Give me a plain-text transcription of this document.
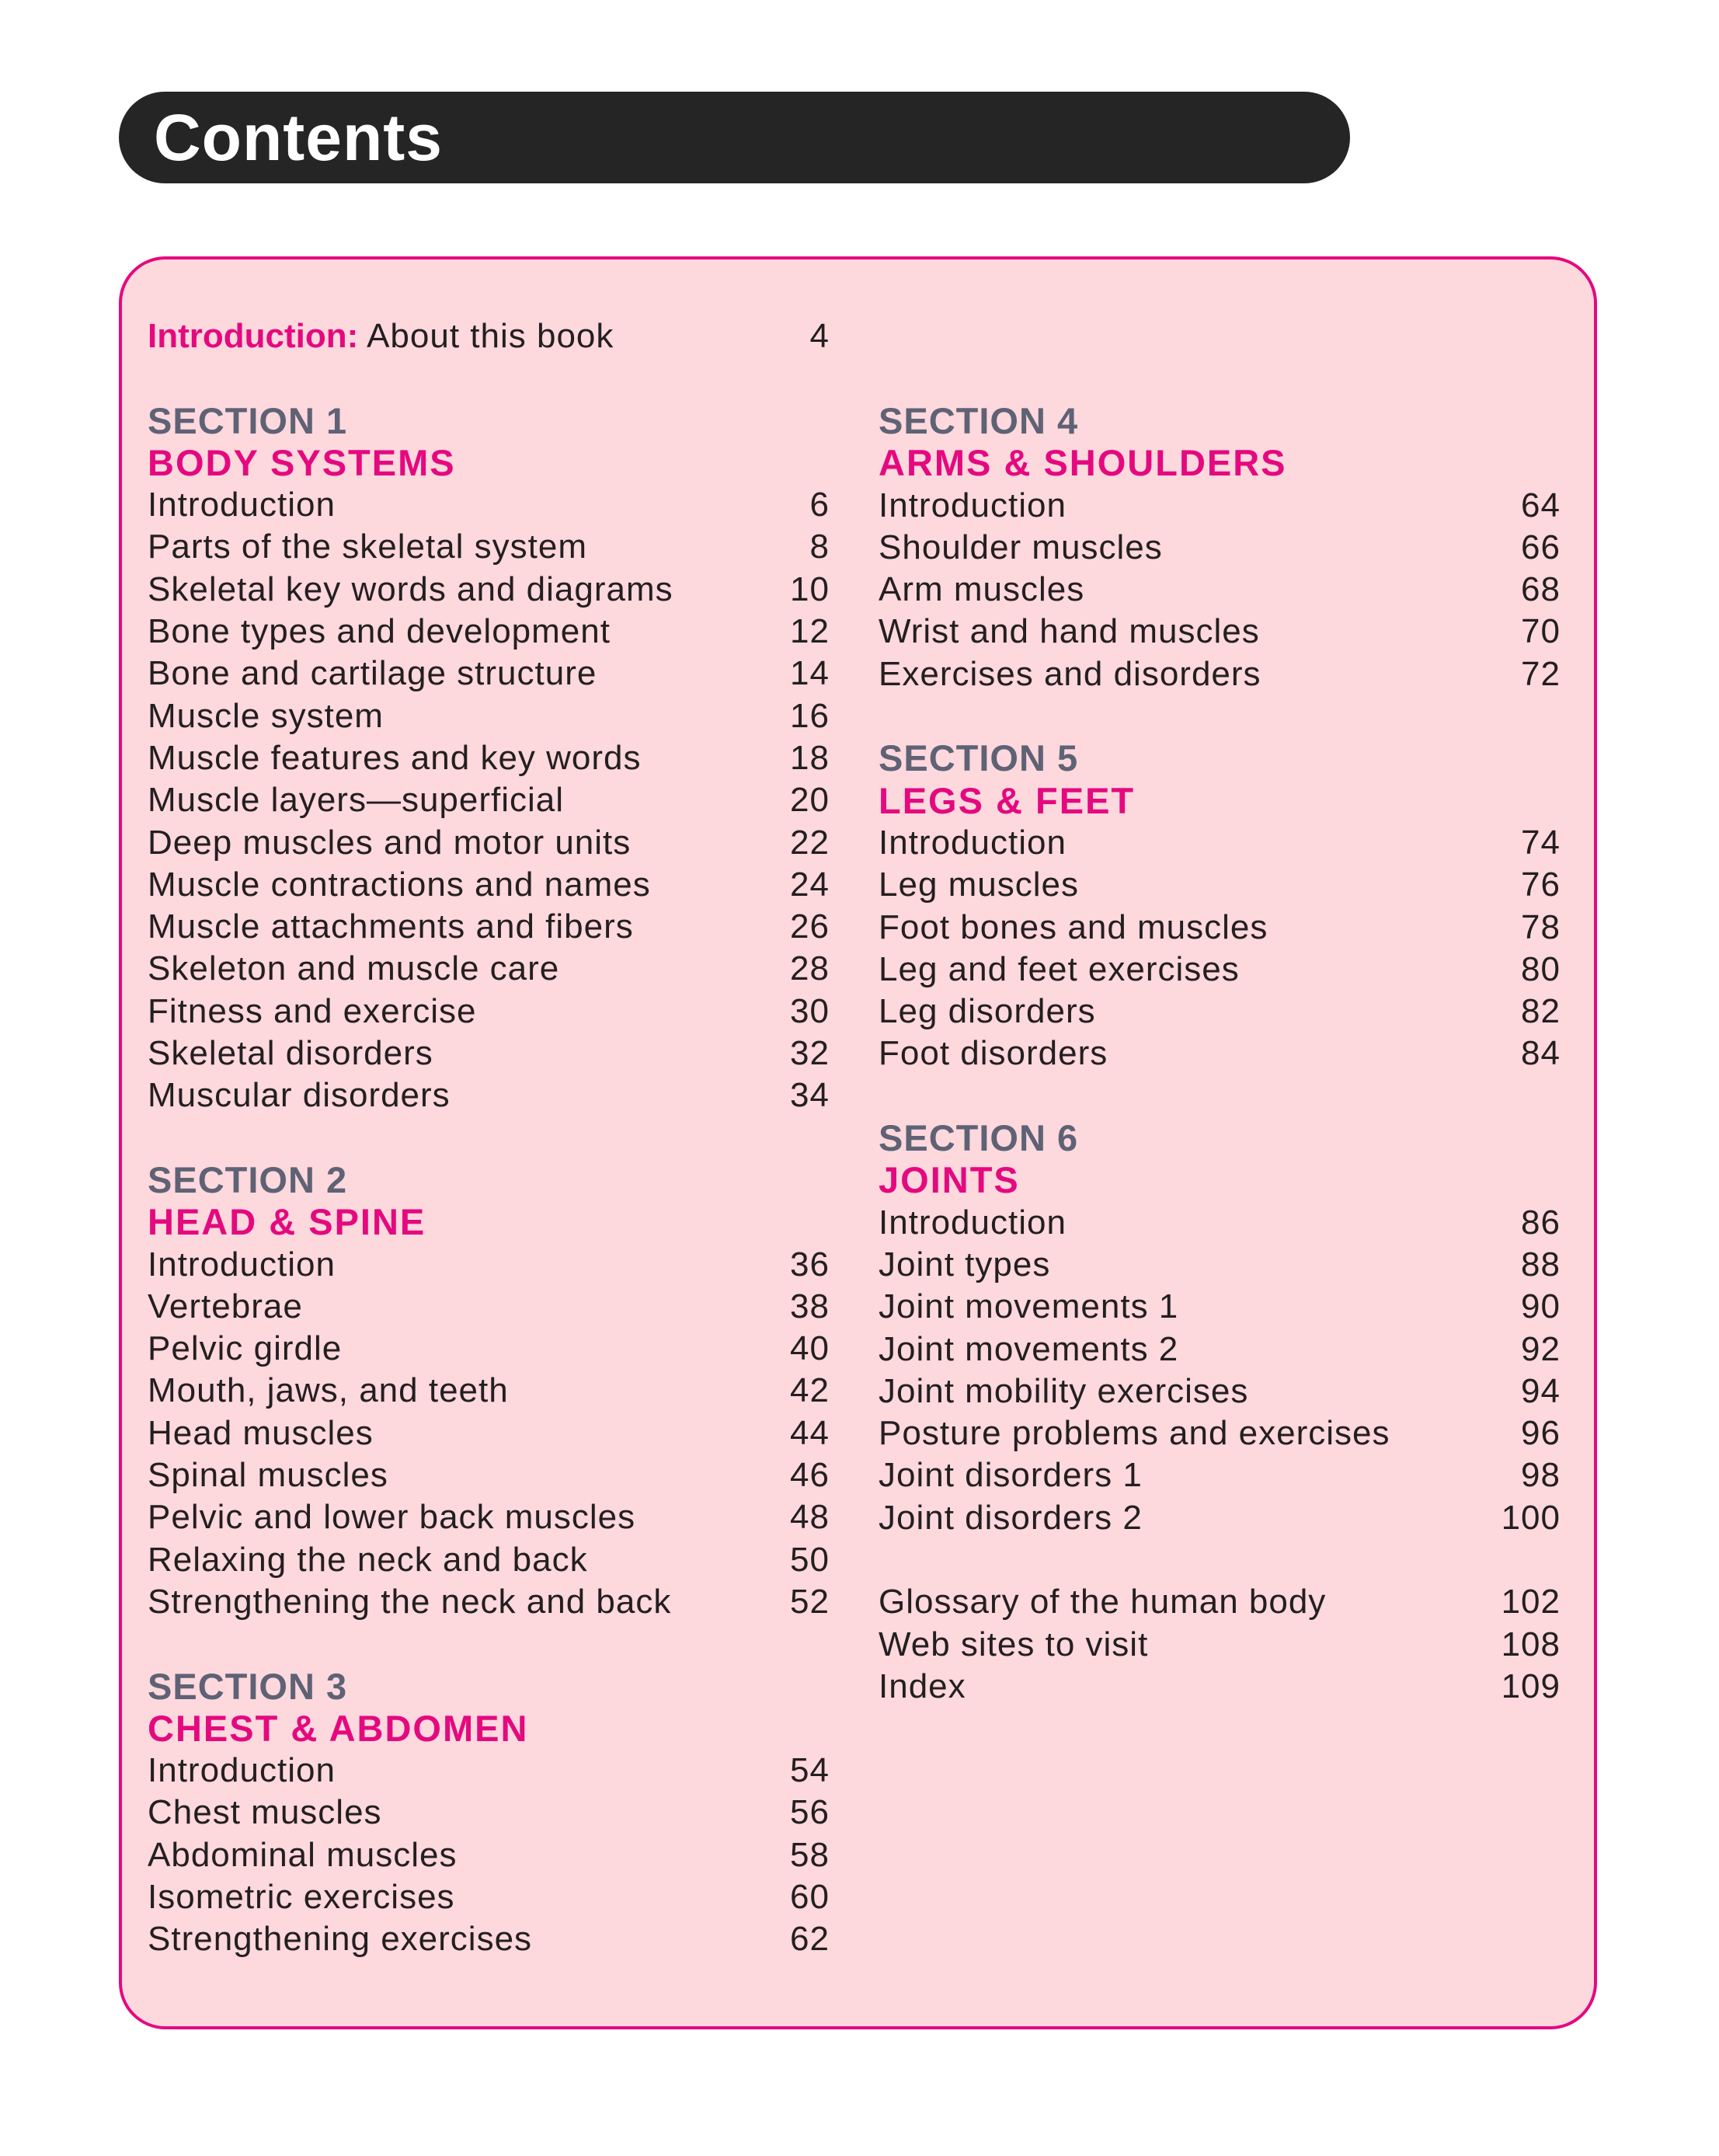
Contents
Introduction: About this book	4
SECTION 1
BODY SYSTEMS
Introduction	6
Parts of the skeletal system	8
Skeletal key words and diagrams	10
Bone types and development	12
Bone and cartilage structure	14
Muscle system	16
Muscle features and key words	18
Muscle layers—superficial	20
Deep muscles and motor units	22
Muscle contractions and names	24
Muscle attachments and fibers	26
Skeleton and muscle care	28
Fitness and exercise	30
Skeletal disorders	32
Muscular disorders	34
SECTION 2
HEAD & SPINE
Introduction	36
Vertebrae	38
Pelvic girdle	40
Mouth, jaws, and teeth	42
Head muscles	44
Spinal muscles	46
Pelvic and lower back muscles	48
Relaxing the neck and back	50
Strengthening the neck and back	52
SECTION 3
CHEST & ABDOMEN
Introduction	54
Chest muscles	56
Abdominal muscles	58
Isometric exercises	60
Strengthening exercises	62
SECTION 4
ARMS & SHOULDERS
Introduction	64
Shoulder muscles	66
Arm muscles	68
Wrist and hand muscles	70
Exercises and disorders	72
SECTION 5
LEGS & FEET
Introduction	74
Leg muscles	76
Foot bones and muscles	78
Leg and feet exercises	80
Leg disorders	82
Foot disorders	84
SECTION 6
JOINTS
Introduction	86
Joint types	88
Joint movements 1	90
Joint movements 2	92
Joint mobility exercises	94
Posture problems and exercises	96
Joint disorders 1	98
Joint disorders 2	100
Glossary of the human body	102
Web sites to visit	108
Index	109
